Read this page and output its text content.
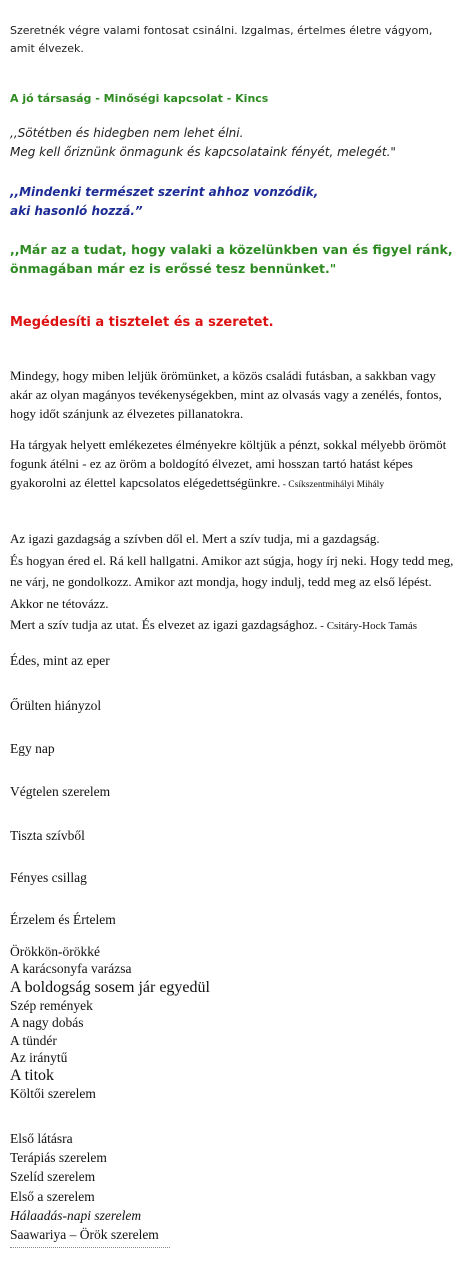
Szeretnék végre valami fontosat csinálni. Izgalmas, értelmes életre vágyom, amit élvezek.

A jó társaság - Minőségi kapcsolat - Kincs

,,Sötétben és hidegben nem lehet élni.
Meg kell őriznünk önmagunk és kapcsolataink fényét, melegét."

,,Mindenki természet szerint ahhoz vonzódik,
aki hasonló hozzá.”

,,Már az a tudat, hogy valaki a közelünkben van és figyel ránk,
önmagában már ez is erőssé tesz bennünket."

Megédesíti a tisztelet és a szeretet.

Mindegy, hogy miben leljük örömünket, a közös családi futásban, a sakkban vagy akár az olyan magányos tevékenységekben, mint az olvasás vagy a zenélés, fontos, hogy időt szánjunk az élvezetes pillanatokra.

Ha tárgyak helyett emlékezetes élményekre költjük a pénzt, sokkal mélyebb örömöt fogunk átélni - ez az öröm a boldogító élvezet, ami hosszan tartó hatást képes gyakorolni az élettel kapcsolatos elégedettségünkre. - Csíkszentmihályi Mihály

Az igazi gazdagság a szívben dől el. Mert a szív tudja, mi a gazdagság.
És hogyan éred el. Rá kell hallgatni. Amikor azt súgja, hogy írj neki. Hogy tedd meg, ne várj, ne gondolkozz. Amikor azt mondja, hogy indulj, tedd meg az első lépést. Akkor ne tétovázz.
Mert a szív tudja az utat. És elvezet az igazi gazdagsághoz. - Csitáry-Hock Tamás

Édes, mint az eper

Őrülten hiányzol

Egy nap

Végtelen szerelem

Tiszta szívből

Fényes csillag

Érzelem és Értelem

Örökkön-örökké
A karácsonyfa varázsa
A boldogság sosem jár egyedül
Szép remények
A nagy dobás
A tündér
Az iránytű
A titok
Költői szerelem
Első látásra
Terápiás szerelem
Szelíd szerelem
Első a szerelem
Hálaadás-napi szerelem
Saawariya – Örök szerelem
